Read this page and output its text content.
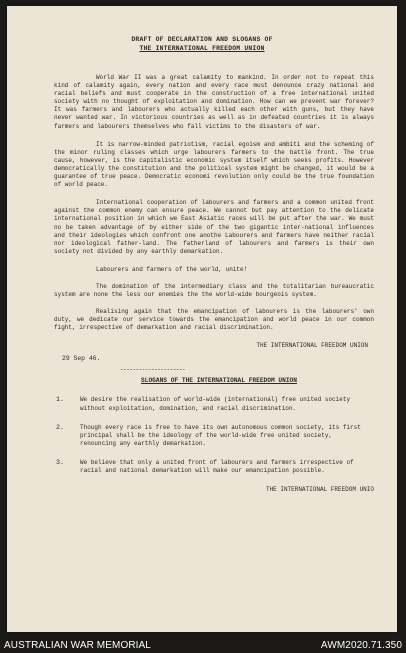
DRAFT OF DECLARATION AND SLOGANS OF
THE INTERNATIONAL FREEDOM UNION

World War II was a great calamity to mankind. In order not to repeat this kind of calamity again, every nation and every race must denounce crazy national and racial beliefs and must cooperate in the construction of a free international united society with no thought of exploitation and domination. How can we prevent war forever? It was farmers and labourers who actually killed each other with guns, but they have never wanted war. In victorious countries as well as in defeated countries it is always farmers and labourers themselves who fall victims to the disasters of war.

It is narrow-minded patriotism, racial egoism and ambiti and the scheming of the minor ruling classes which urge labourers farmers to the battle front. The true cause, however, is the capitalistic economic system itself which seeks profits. However democratically the constitution and the political system might be changed, it would be a guarantee of true peace. Democratic economi revolution only could be the true foundation of world peace.

International cooperation of labourers and farmers and a common united front against the common enemy can ensure peace. We cannot but pay attention to the delicate international position in which we East Asiatic races will be put after the war. We must no be taken advantage of by either side of the two gigantic inter-national influences and their ideologies which confront one anothe Labourers and farmers have neither racial nor ideological father-land. The fatherland of labourers and farmers is their own society not divided by any earthly demarkation.

Labourers and farmers of the world, unite!

The domination of the intermediary class and the totalitarian bureaucratic system are none the less our enemies the the world-wide bourgeois system.

Realising again that the emancipation of labourers is the labourers' own duty, we dedicate our service towards the emancipation and world peace in our common fight, irrespective of demarkation and racial discrimination.

THE INTERNATIONAL FREEDOM UNION
29 Sep 46.
---------------------
SLOGANS OF THE INTERNATIONAL FREEDOM UNION
1.	We desire the realisation of world-wide (international) free united society without exploitation, domination, and racial discrimination.
2.	Though every race is free to have its own autonomous common society, its first principal shall be the ideology of the world-wide free united society, renouncing any earthly demarkation.
3.	We believe that only a united front of labourers and farmers irrespective of racial and national demarkation will make our emancipation possible.
THE INTERNATIONAL FREEDOM UNIO
AUSTRALIAN WAR MEMORIAL	AWM2020.71.350
